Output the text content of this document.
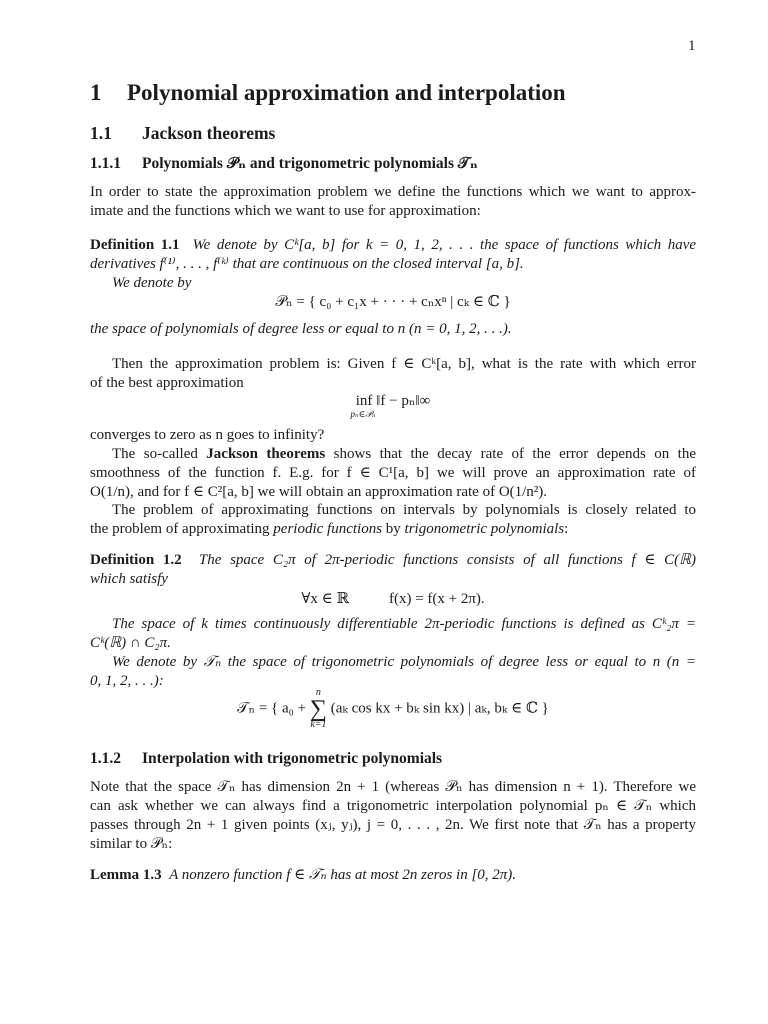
1
1 Polynomial approximation and interpolation
1.1 Jackson theorems
1.1.1 Polynomials 𝒫ₙ and trigonometric polynomials 𝒯ₙ
In order to state the approximation problem we define the functions which we want to approx-
imate and the functions which we want to use for approximation:
Definition 1.1 We denote by Cᵏ[a, b] for k = 0, 1, 2, . . . the space of functions which have
derivatives f⁽¹⁾, . . . , f⁽ᵏ⁾ that are continuous on the closed interval [a, b].
We denote by
𝒫ₙ = { c₀ + c₁x + · · · + cₙxⁿ | cₖ ∈ ℂ }
the space of polynomials of degree less or equal to n (n = 0, 1, 2, . . .).
Then the approximation problem is: Given f ∈ Cᵏ[a, b], what is the rate with which error
of the best approximation
inf ‖f − pₙ‖∞
pₙ∈𝒫ₙ
converges to zero as n goes to infinity?
The so-called Jackson theorems shows that the decay rate of the error depends on the
smoothness of the function f. E.g. for f ∈ C¹[a, b] we will prove an approximation rate of
O(1/n), and for f ∈ C²[a, b] we will obtain an approximation rate of O(1/n²).
The problem of approximating functions on intervals by polynomials is closely related to
the problem of approximating periodic functions by trigonometric polynomials:
Definition 1.2 The space C₂π of 2π-periodic functions consists of all functions f ∈ C(ℝ)
which satisfy
∀x ∈ ℝ	f(x) = f(x + 2π).
The space of k times continuously differentiable 2π-periodic functions is defined as Cᵏ₂π =
Cᵏ(ℝ) ∩ C₂π.
We denote by 𝒯ₙ the space of trigonometric polynomials of degree less or equal to n (n =
0, 1, 2, . . .):
𝒯ₙ = { a₀ +
n
∑
k=1
(aₖ cos kx + bₖ sin kx) | aₖ, bₖ ∈ ℂ }
1.1.2 Interpolation with trigonometric polynomials
Note that the space 𝒯ₙ has dimension 2n + 1 (whereas 𝒫ₙ has dimension n + 1). Therefore we
can ask whether we can always find a trigonometric interpolation polynomial pₙ ∈ 𝒯ₙ which
passes through 2n + 1 given points (xⱼ, yⱼ), j = 0, . . . , 2n. We first note that 𝒯ₙ has a property
similar to 𝒫ₙ:
Lemma 1.3 A nonzero function f ∈ 𝒯ₙ has at most 2n zeros in [0, 2π).
